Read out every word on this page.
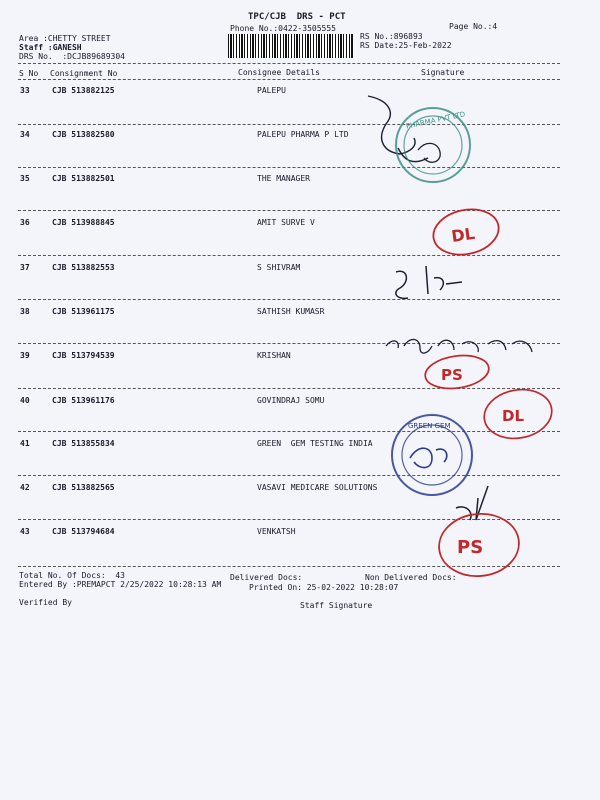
TPC/CJB  DRS - PCT
Phone No.:0422-3505555	Page No.:4
Area :CHETTY STREET
Staff :GANESH
DRS No.  :DCJB89689304
RS No.:896893
RS Date:25-Feb-2022
S No Consignment No	Consignee Details	Signature
33	CJB 513882125	PALEPU
34	CJB 513882580	PALEPU PHARMA P LTD
35	CJB 513882501	THE MANAGER
36	CJB 513988845	AMIT SURVE V
37	CJB 513882553	S SHIVRAM
38	CJB 513961175	SATHISH KUMASR
39	CJB 513794539	KRISHAN
40	CJB 513961176	GOVINDRAJ SOMU
41	CJB 513855834	GREEN  GEM TESTING INDIA
42	CJB 513882565	VASAVI MEDICARE SOLUTIONS
43	CJB 513794684	VENKATSH
Total No. Of Docs:  43	Delivered Docs:	Non Delivered Docs:
Entered By :PREMAPCT 2/25/2022 10:28:13 AM	Printed On: 25-02-2022 10:28:07
Verified By	Staff Signature
PHARMA PVT LTD
DL
PS
DL
GREEN GEM
PS
